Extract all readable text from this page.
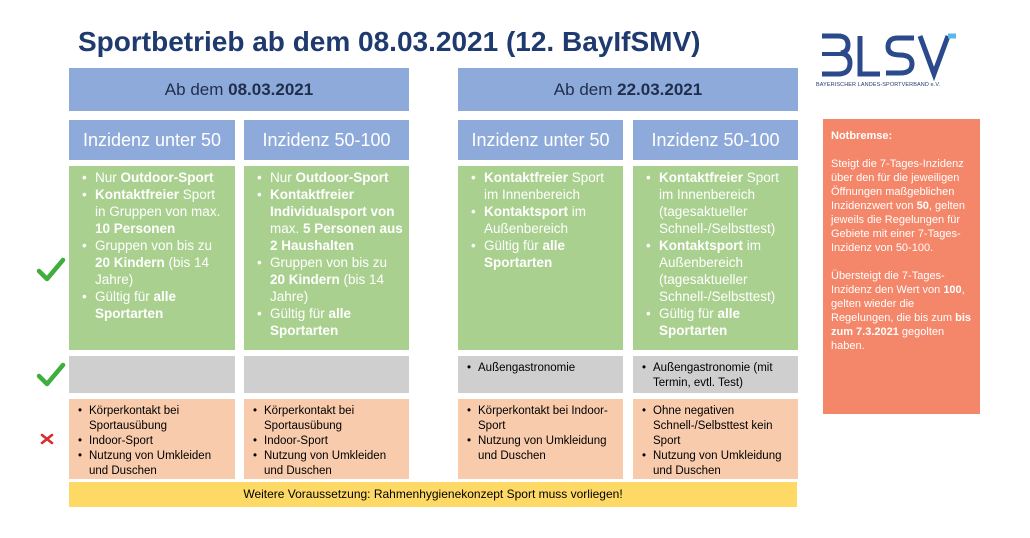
Sportbetrieb ab dem 08.03.2021 (12. BayIfSMV)
BAYERISCHER LANDES-SPORTVERBAND e.V.
Ab dem 08.03.2021	Ab dem 22.03.2021
Inzidenz unter 50	Inzidenz 50-100	Inzidenz unter 50	Inzidenz 50-100
• Nur Outdoor-Sport
• Kontaktfreier Sport in Gruppen von max. 10 Personen
• Gruppen von bis zu 20 Kindern (bis 14 Jahre)
• Gültig für alle Sportarten
• Nur Outdoor-Sport
• Kontaktfreier Individualsport von max. 5 Personen aus 2 Haushalten
• Gruppen von bis zu 20 Kindern (bis 14 Jahre)
• Gültig für alle Sportarten
• Kontaktfreier Sport im Innenbereich
• Kontaktsport im Außenbereich
• Gültig für alle Sportarten
• Kontaktfreier Sport im Innenbereich (tagesaktueller Schnell-/Selbsttest)
• Kontaktsport im Außenbereich (tagesaktueller Schnell-/Selbsttest)
• Gültig für alle Sportarten
• Außengastronomie
•	Außengastronomie (mit Termin, evtl. Test)
• Körperkontakt bei Sportausübung
• Indoor-Sport
• Nutzung von Umkleiden und Duschen
• Körperkontakt bei Sportausübung
• Indoor-Sport
• Nutzung von Umkleiden und Duschen
• Körperkontakt bei Indoor-Sport
• Nutzung von Umkleidung und Duschen
• Ohne negativen Schnell-/Selbsttest kein Sport
• Nutzung von Umkleidung und Duschen
Weitere Voraussetzung: Rahmenhygienekonzept Sport muss vorliegen!
Notbremse:
Steigt die 7-Tages-Inzidenz über den für die jeweiligen Öffnungen maßgeblichen Inzidenzwert von 50, gelten jeweils die Regelungen für Gebiete mit einer 7-Tages-Inzidenz von 50-100.
Übersteigt die 7-Tages-Inzidenz den Wert von 100, gelten wieder die Regelungen, die bis zum bis zum 7.3.2021 gegolten haben.
